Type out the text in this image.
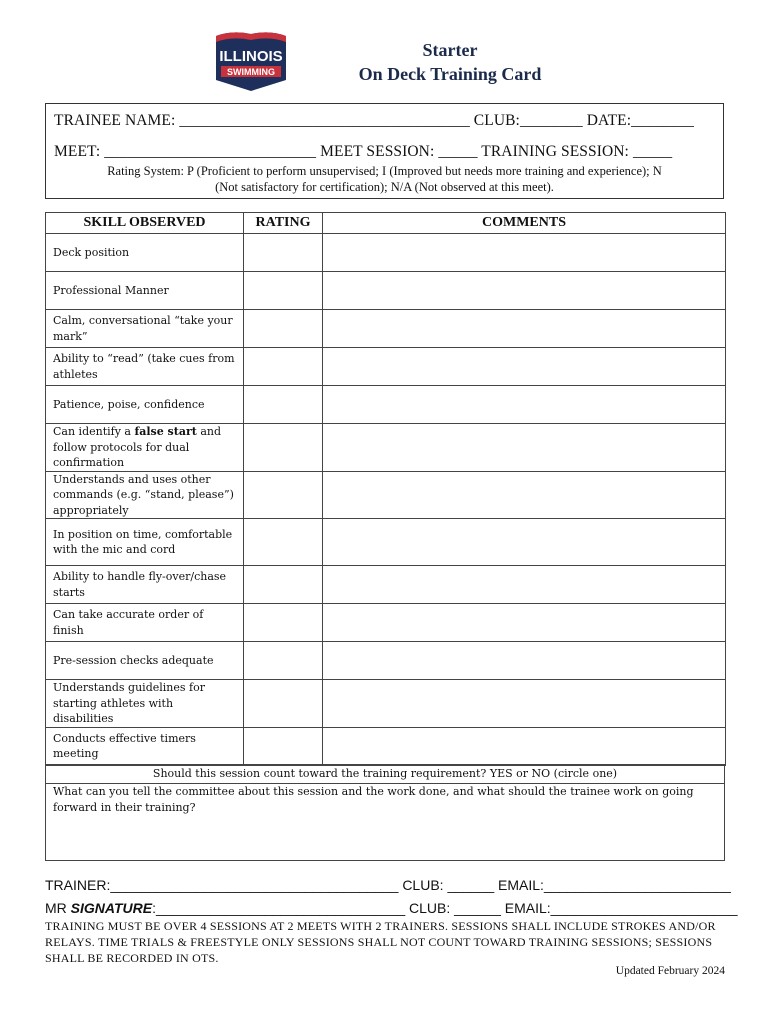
ILLINOIS
SWIMMING
Starter
On Deck Training Card
TRAINEE NAME: _____________________________________ CLUB:________ DATE:________
MEET: ___________________________ MEET SESSION: _____ TRAINING SESSION: _____
Rating System: P (Proficient to perform unsupervised; I (Improved but needs more training and experience); N
(Not satisfactory for certification); N/A (Not observed at this meet).
SKILL OBSERVED	RATING	COMMENTS
Deck position		
Professional Manner		
Calm, conversational “take your mark”		
Ability to “read” (take cues from athletes		
Patience, poise, confidence		
Can identify a false start and follow protocols for dual confirmation		
Understands and uses other commands (e.g. “stand, please”) appropriately		
In position on time, comfortable with the mic and cord		
Ability to handle fly-over/chase starts		
Can take accurate order of finish		
Pre-session checks adequate		
Understands guidelines for starting athletes with disabilities		
Conducts effective timers meeting		
Should this session count toward the training requirement? YES or NO (circle one)
What can you tell the committee about this session and the work done, and what should the trainee work on going forward in their training?
TRAINER:_____________________________________ CLUB: ______ EMAIL:________________________
MR SIGNATURE:________________________________ CLUB: ______ EMAIL:________________________
TRAINING MUST BE OVER 4 SESSIONS AT 2 MEETS WITH 2 TRAINERS. SESSIONS SHALL INCLUDE STROKES AND/OR RELAYS. TIME TRIALS & FREESTYLE ONLY SESSIONS SHALL NOT COUNT TOWARD TRAINING SESSIONS; SESSIONS SHALL BE RECORDED IN OTS.
Updated February 2024
